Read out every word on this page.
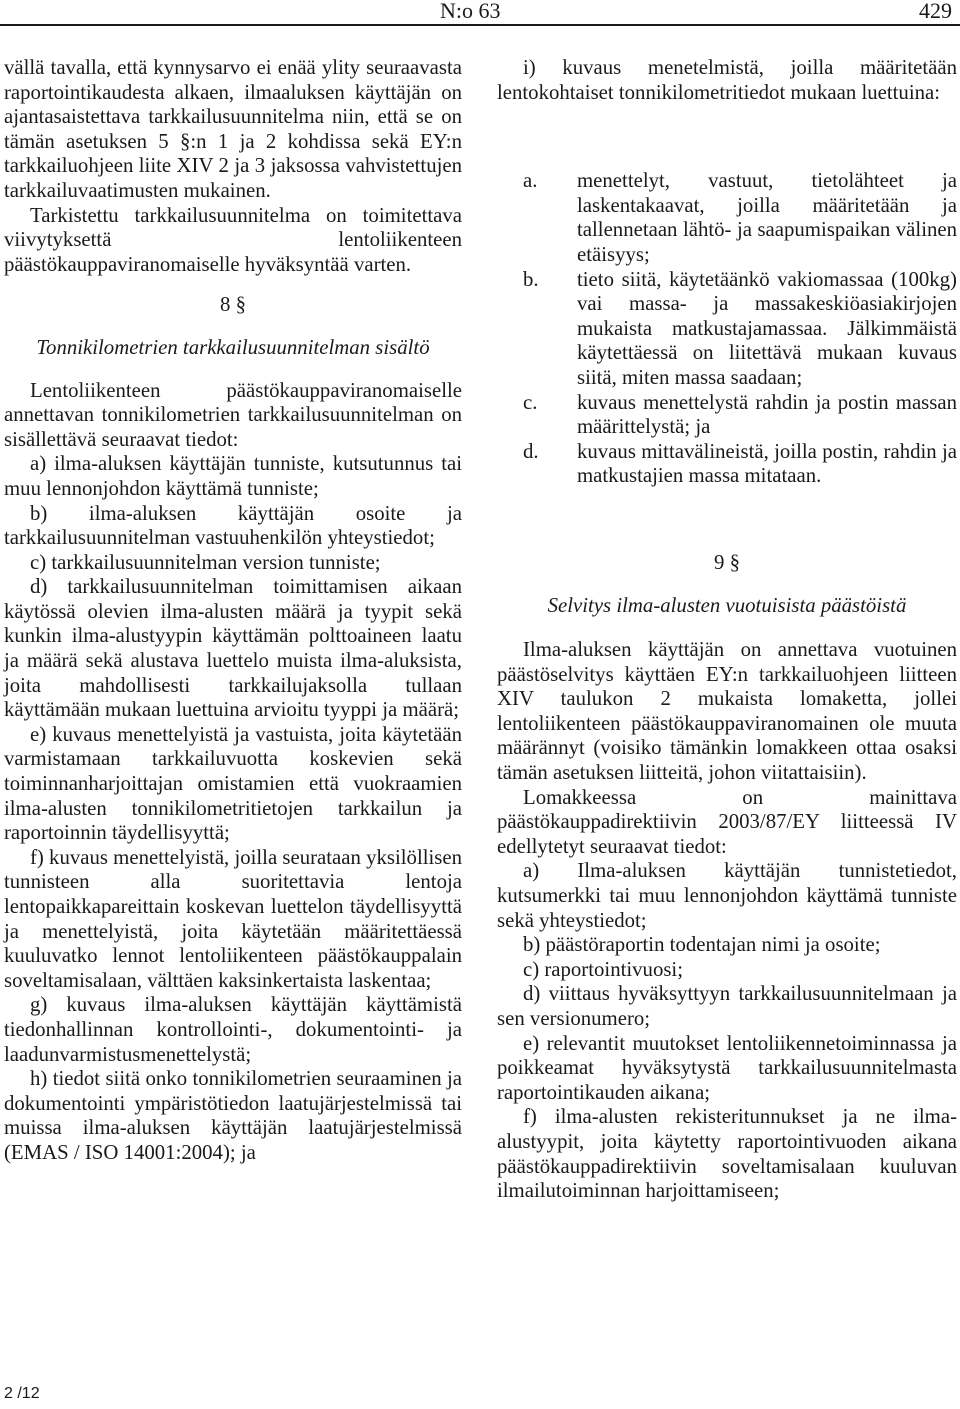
N:o 63	429

vällä tavalla, että kynnysarvo ei enää ylity seuraavasta raportointikaudesta alkaen, ilmaaluksen käyttäjän on ajantasaistettava tarkkailusuunnitelma niin, että se on tämän asetuksen 5 §:n 1 ja 2 kohdissa sekä EY:n tarkkailuohjeen liite XIV 2 ja 3 jaksossa vahvistettujen tarkkailuvaatimusten mukainen.

Tarkistettu tarkkailusuunnitelma on toimitettava viivytyksettä lentoliikenteen päästökauppaviranomaiselle hyväksyntää varten.

8 §

Tonnikilometrien tarkkailusuunnitelman sisältö

Lentoliikenteen päästökauppaviranomaiselle annettavan tonnikilometrien tarkkailusuunnitelman on sisällettävä seuraavat tiedot:

a) ilma-aluksen käyttäjän tunniste, kutsutunnus tai muu lennonjohdon käyttämä tunniste;

b) ilma-aluksen käyttäjän osoite ja tarkkailusuunnitelman vastuuhenkilön yhteystiedot;

c) tarkkailusuunnitelman version tunniste;

d) tarkkailusuunnitelman toimittamisen aikaan käytössä olevien ilma-alusten määrä ja tyypit sekä kunkin ilma-alustyypin käyttämän polttoaineen laatu ja määrä sekä alustava luettelo muista ilma-aluksista, joita mahdollisesti tarkkailujaksolla tullaan käyttämään mukaan luettuina arvioitu tyyppi ja määrä;

e) kuvaus menettelyistä ja vastuista, joita käytetään varmistamaan tarkkailuvuotta koskevien sekä toiminnanharjoittajan omistamien että vuokraamien ilma-alusten tonnikilometritietojen tarkkailun ja raportoinnin täydellisyyttä;

f) kuvaus menettelyistä, joilla seurataan yksilöllisen tunnisteen alla suoritettavia lentoja lentopaikkapareittain koskevan luettelon täydellisyyttä ja menettelyistä, joita käytetään määritettäessä kuuluvatko lennot lentoliikenteen päästökauppalain soveltamisalaan, välttäen kaksinkertaista laskentaa;

g) kuvaus ilma-aluksen käyttäjän käyttämistä tiedonhallinnan kontrollointi-, dokumentointi- ja laadunvarmistusmenettelystä;

h) tiedot siitä onko tonnikilometrien seuraaminen ja dokumentointi ympäristötiedon laatujärjestelmissä tai muissa ilma-aluksen käyttäjän laatujärjestelmissä (EMAS / ISO 14001:2004); ja

i) kuvaus menetelmistä, joilla määritetään lentokohtaiset tonnikilometritiedot mukaan luettuina:

a. menettelyt, vastuut, tietolähteet ja laskentakaavat, joilla määritetään ja tallennetaan lähtö- ja saapumispaikan välinen etäisyys;
b. tieto siitä, käytetäänkö vakiomassaa (100kg) vai massa- ja massakeskiöasiakirjojen mukaista matkustajamassaa. Jälkimmäistä käytettäessä on liitettävä mukaan kuvaus siitä, miten massa saadaan;
c. kuvaus menettelystä rahdin ja postin massan määrittelystä; ja
d. kuvaus mittavälineistä, joilla postin, rahdin ja matkustajien massa mitataan.

9 §

Selvitys ilma-alusten vuotuisista päästöistä

Ilma-aluksen käyttäjän on annettava vuotuinen päästöselvitys käyttäen EY:n tarkkailuohjeen liitteen XIV taulukon 2 mukaista lomaketta, jollei lentoliikenteen päästökauppaviranomainen ole muuta määrännyt (voisiko tämänkin lomakkeen ottaa osaksi tämän asetuksen liitteitä, johon viitattaisiin).

Lomakkeessa on mainittava päästökauppadirektiivin 2003/87/EY liitteessä IV edellytetyt seuraavat tiedot:

a) Ilma-aluksen käyttäjän tunnistetiedot, kutsumerkki tai muu lennonjohdon käyttämä tunniste sekä yhteystiedot;

b) päästöraportin todentajan nimi ja osoite;

c) raportointivuosi;

d) viittaus hyväksyttyyn tarkkailusuunnitelmaan ja sen versionumero;

e) relevantit muutokset lentoliikennetoiminnassa ja poikkeamat hyväksytystä tarkkailusuunnitelmasta raportointikauden aikana;

f) ilma-alusten rekisteritunnukset ja ne ilma-alustyypit, joita käytetty raportointivuoden aikana päästökauppadirektiivin soveltamisalaan kuuluvan ilmailutoiminnan harjoittamiseen;

2 /12
